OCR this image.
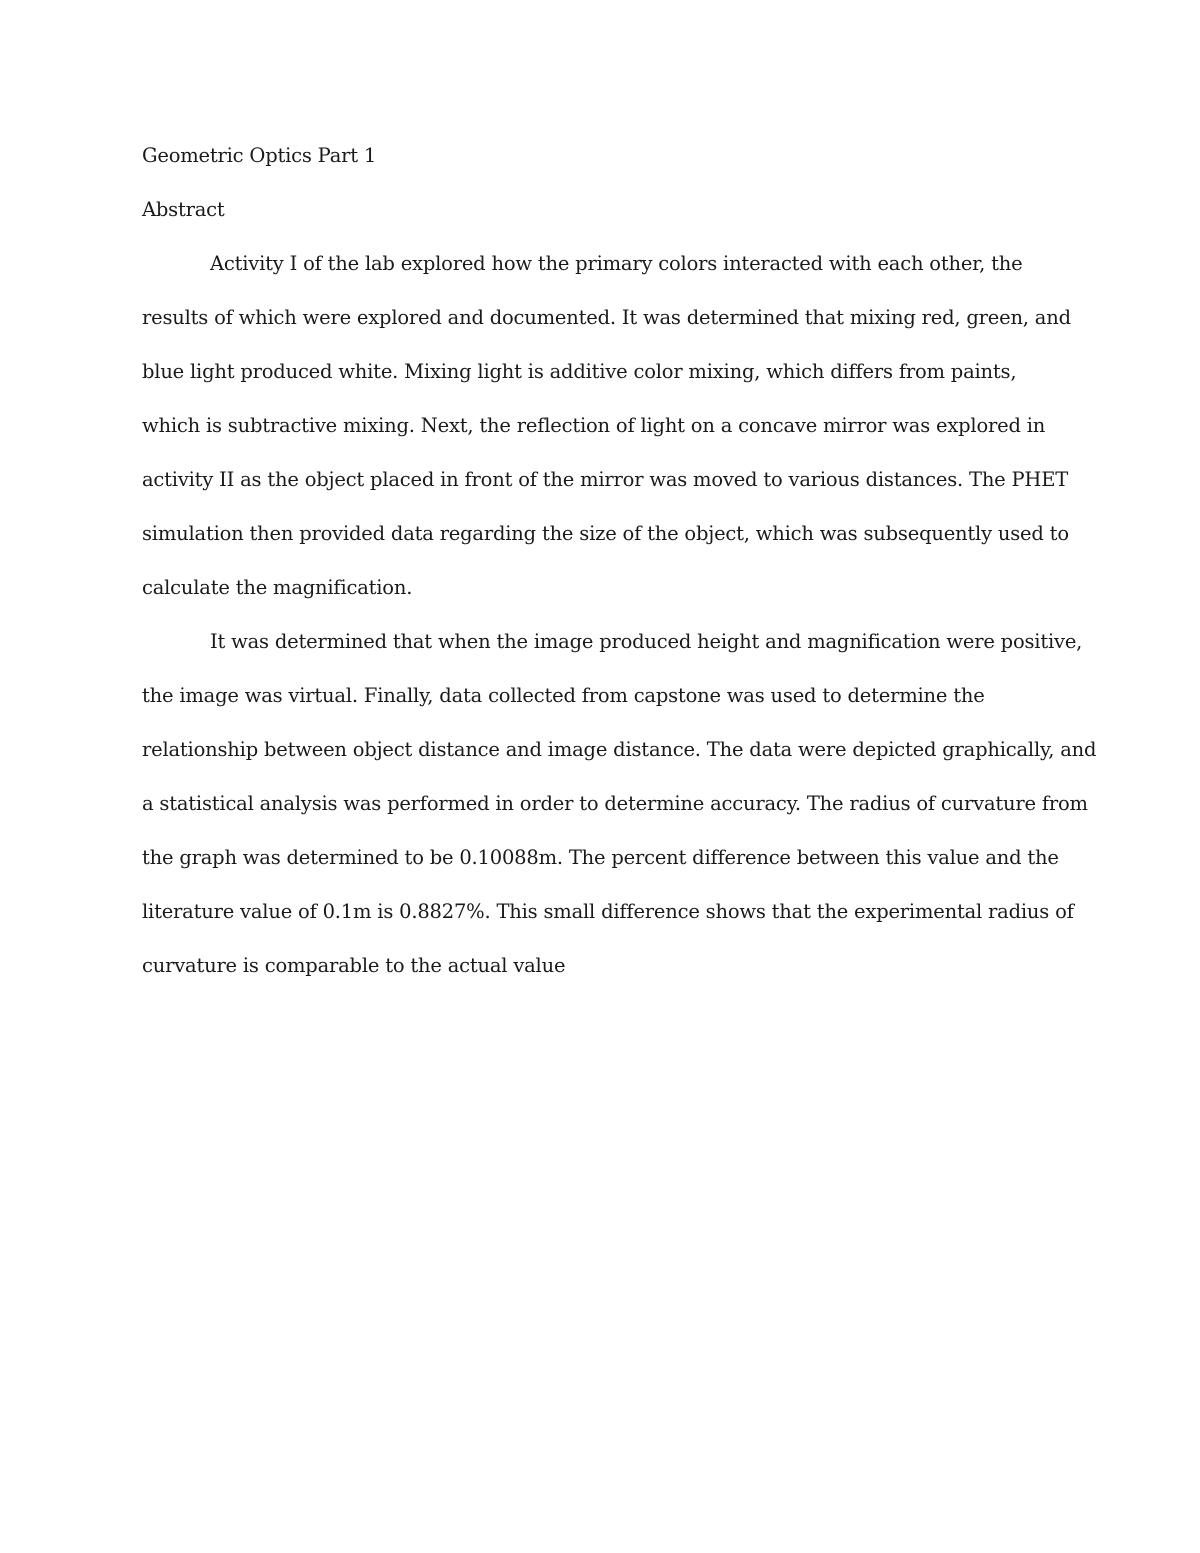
Geometric Optics Part 1
Abstract
Activity I of the lab explored how the primary colors interacted with each other, the
results of which were explored and documented. It was determined that mixing red, green, and
blue light produced white. Mixing light is additive color mixing, which differs from paints,
which is subtractive mixing. Next, the reflection of light on a concave mirror was explored in
activity II as the object placed in front of the mirror was moved to various distances. The PHET
simulation then provided data regarding the size of the object, which was subsequently used to
calculate the magnification.
It was determined that when the image produced height and magnification were positive,
the image was virtual. Finally, data collected from capstone was used to determine the
relationship between object distance and image distance. The data were depicted graphically, and
a statistical analysis was performed in order to determine accuracy. The radius of curvature from
the graph was determined to be 0.10088m. The percent difference between this value and the
literature value of 0.1m is 0.8827%. This small difference shows that the experimental radius of
curvature is comparable to the actual value
